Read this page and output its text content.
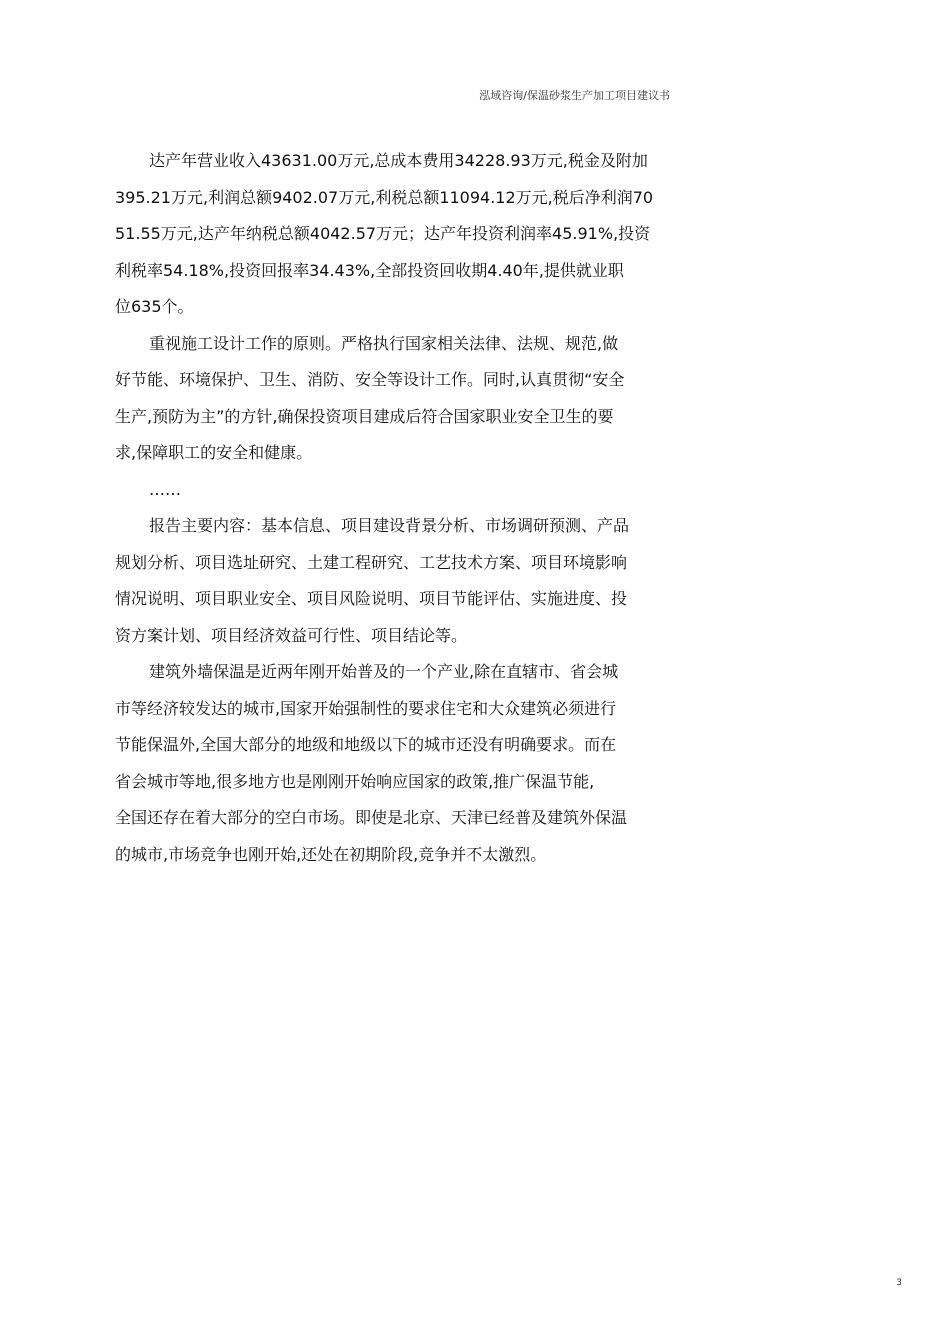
泓域咨询/保温砂浆生产加工项目建议书
达产年营业收入43631.00万元,总成本费用34228.93万元,税金及附加
395.21万元,利润总额9402.07万元,利税总额11094.12万元,税后净利润70
51.55万元,达产年纳税总额4042.57万元；达产年投资利润率45.91%,投资
利税率54.18%,投资回报率34.43%,全部投资回收期4.40年,提供就业职
位635个。
重视施工设计工作的原则。严格执行国家相关法律、法规、规范,做
好节能、环境保护、卫生、消防、安全等设计工作。同时,认真贯彻“安全
生产,预防为主”的方针,确保投资项目建成后符合国家职业安全卫生的要
求,保障职工的安全和健康。
……
报告主要内容：基本信息、项目建设背景分析、市场调研预测、产品
规划分析、项目选址研究、土建工程研究、工艺技术方案、项目环境影响
情况说明、项目职业安全、项目风险说明、项目节能评估、实施进度、投
资方案计划、项目经济效益可行性、项目结论等。
建筑外墙保温是近两年刚开始普及的一个产业,除在直辖市、省会城
市等经济较发达的城市,国家开始强制性的要求住宅和大众建筑必须进行
节能保温外,全国大部分的地级和地级以下的城市还没有明确要求。而在
省会城市等地,很多地方也是刚刚开始响应国家的政策,推广保温节能,
全国还存在着大部分的空白市场。即使是北京、天津已经普及建筑外保温
的城市,市场竞争也刚开始,还处在初期阶段,竞争并不太激烈。
3
